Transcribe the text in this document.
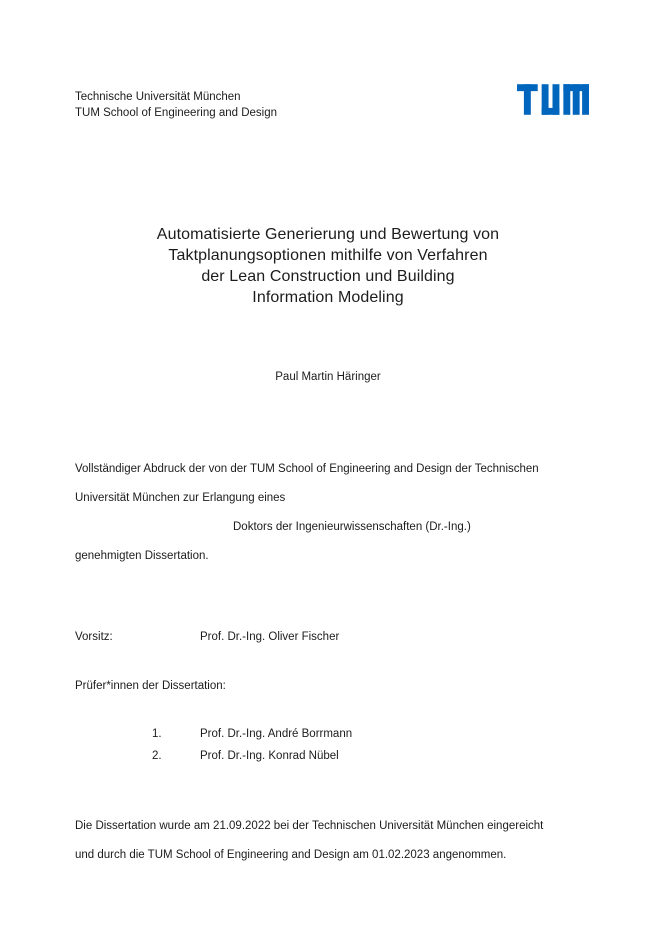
Technische Universität München
TUM School of Engineering and Design
Automatisierte Generierung und Bewertung von
Taktplanungsoptionen mithilfe von Verfahren
der Lean Construction und Building
Information Modeling
Paul Martin Häringer
Vollständiger Abdruck der von der TUM School of Engineering and Design der Technischen
Universität München zur Erlangung eines
Doktors der Ingenieurwissenschaften (Dr.-Ing.)
genehmigten Dissertation.
Vorsitz:	Prof. Dr.-Ing. Oliver Fischer
Prüfer*innen der Dissertation:
1.	Prof. Dr.-Ing. André Borrmann
2.	Prof. Dr.-Ing. Konrad Nübel
Die Dissertation wurde am 21.09.2022 bei der Technischen Universität München eingereicht
und durch die TUM School of Engineering and Design am 01.02.2023 angenommen.
